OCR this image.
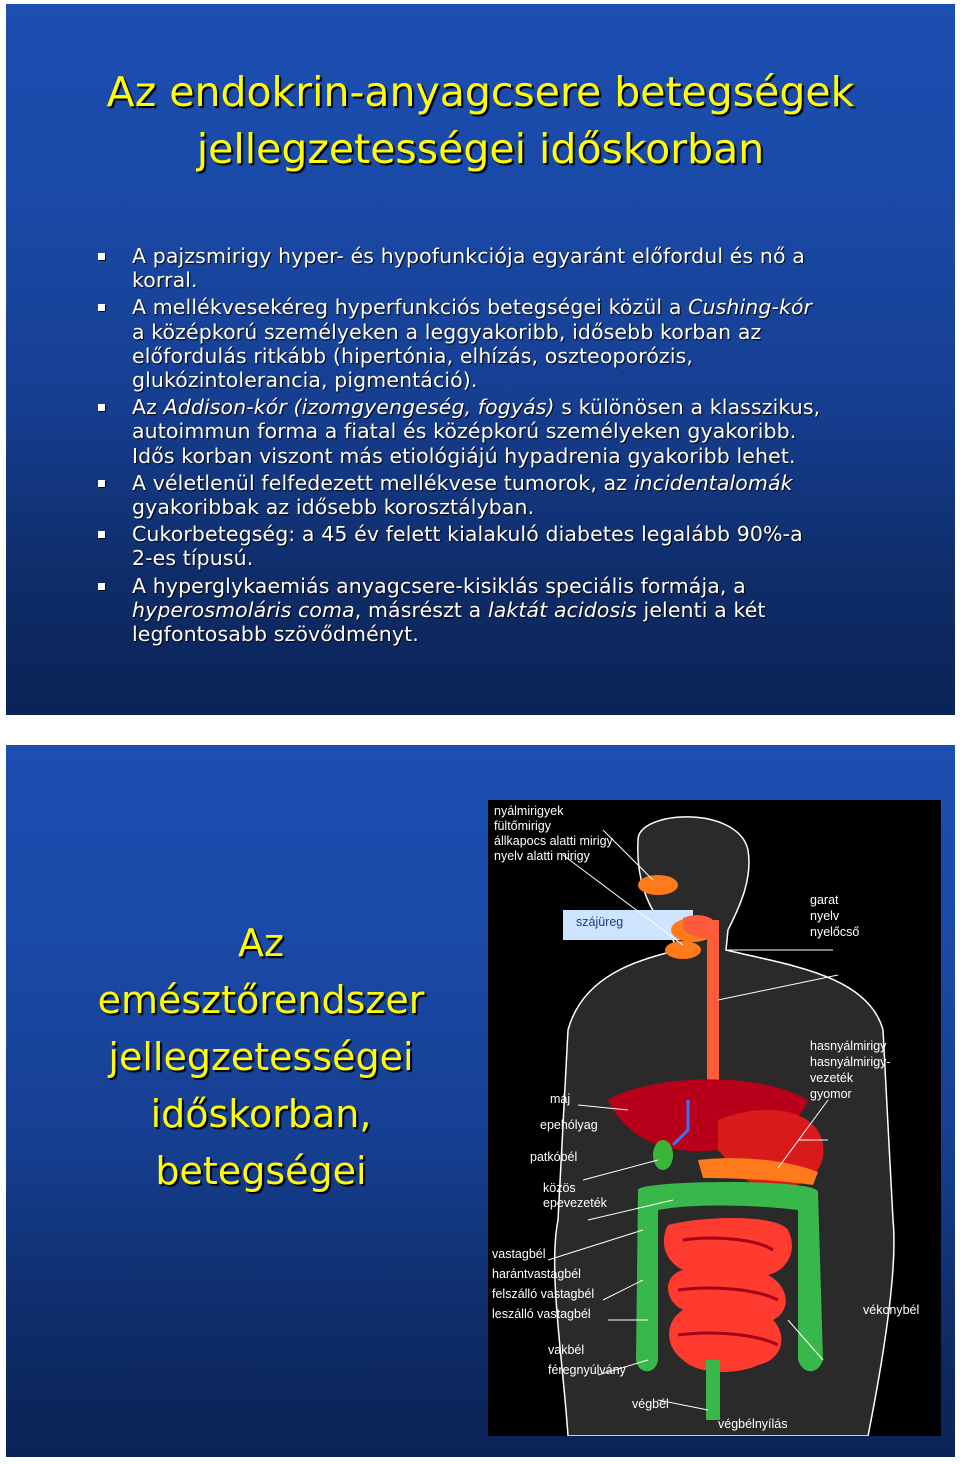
Az endokrin-anyagcsere betegségek
jellegzetességei időskorban
A pajzsmirigy hyper- és hypofunkciója egyaránt előfordul és nő a
korral.
A mellékvesekéreg hyperfunkciós betegségei közül a Cushing-kór
a középkorú személyeken a leggyakoribb, idősebb korban az
előfordulás ritkább (hipertónia, elhízás, oszteoporózis,
glukózintolerancia, pigmentáció).
Az Addison-kór (izomgyengeség, fogyás) s különösen a klasszikus,
autoimmun forma a fiatal és középkorú személyeken gyakoribb.
Idős korban viszont más etiológiájú hypadrenia gyakoribb lehet.
A véletlenül felfedezett mellékvese tumorok, az incidentalomák
gyakoribbak az idősebb korosztályban.
Cukorbetegség: a 45 év felett kialakuló diabetes legalább 90%-a
2-es típusú.
A hyperglykaemiás anyagcsere-kisiklás speciális formája, a
hyperosmoláris coma, másrészt a laktát acidosis jelenti a két
legfontosabb szövődményt.
Az
emésztőrendszer
jellegzetességei
időskorban,
betegségei
nyálmirigyek
fültőmirigy
állkapocs alatti mirigy
nyelv alatti mirigy
szájüreg
garat
nyelv
nyelőcső
hasnyálmirigy
hasnyálmirigy-
vezeték
gyomor
máj
epehólyag
patkóbél
közös
epevezeték
vastagbél
harántvastagbél
felszálló vastagbél
leszálló vastagbél	vékonybél
vakbél
féregnyúlvány
végbél
végbélnyílás
